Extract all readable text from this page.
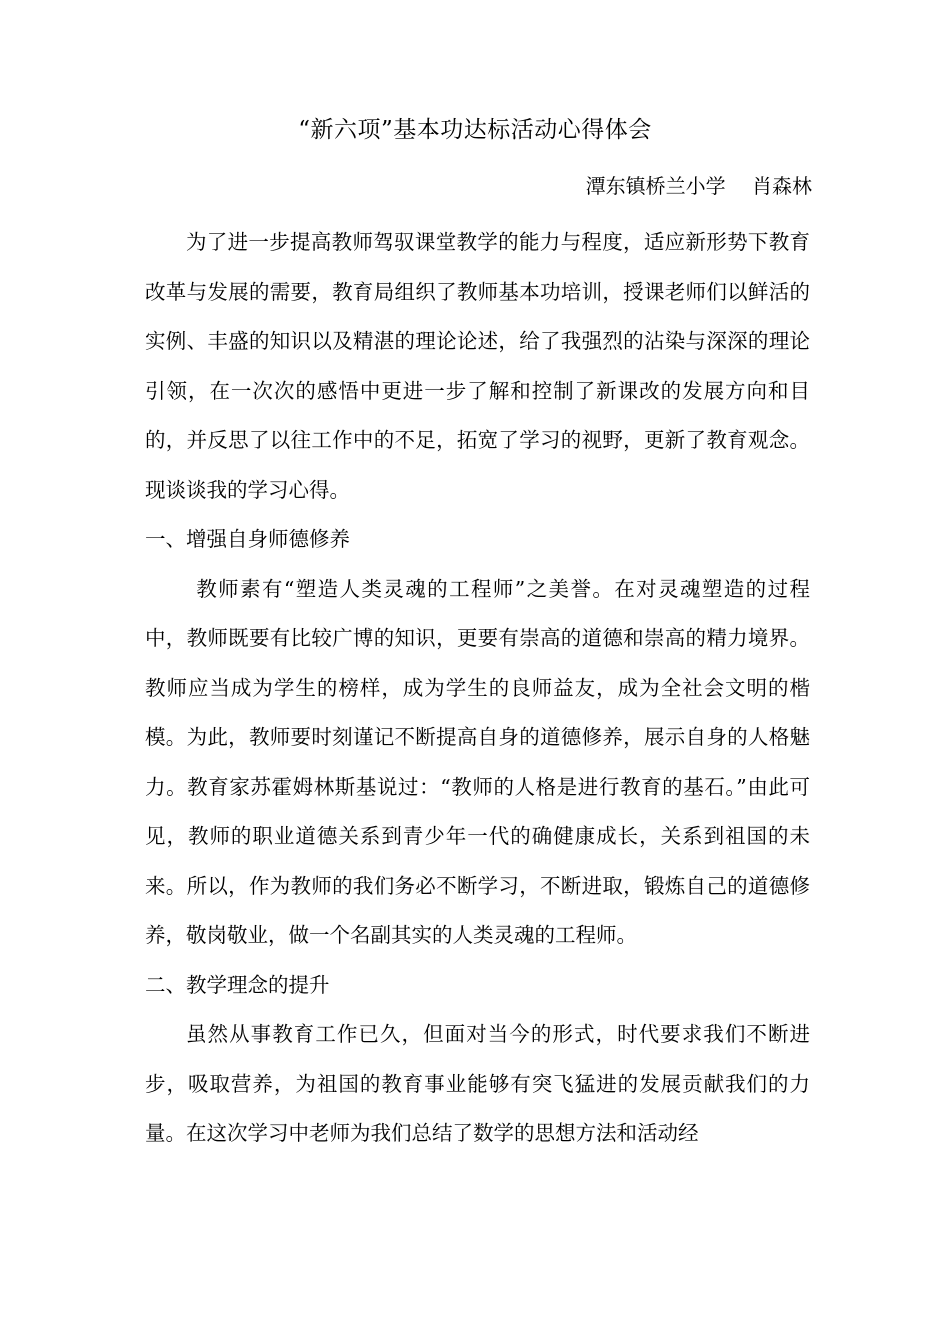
“新六项”基本功达标活动心得体会
潭东镇桥兰小学　 肖森林

为了进一步提高教师驾驭课堂教学的能力与程度，适应新形势下教育改革与发展的需要，教育局组织了教师基本功培训，授课老师们以鲜活的实例、丰盛的知识以及精湛的理论论述，给了我强烈的沾染与深深的理论引领，在一次次的感悟中更进一步了解和控制了新课改的发展方向和目的，并反思了以往工作中的不足，拓宽了学习的视野，更新了教育观念。现谈谈我的学习心得。

一、增强自身师德修养

教师素有“塑造人类灵魂的工程师”之美誉。在对灵魂塑造的过程中，教师既要有比较广博的知识，更要有崇高的道德和崇高的精力境界。教师应当成为学生的榜样，成为学生的良师益友，成为全社会文明的楷模。为此，教师要时刻谨记不断提高自身的道德修养，展示自身的人格魅力。教育家苏霍姆林斯基说过：“教师的人格是进行教育的基石。”由此可见，教师的职业道德关系到青少年一代的确健康成长，关系到祖国的未来。所以，作为教师的我们务必不断学习，不断进取，锻炼自己的道德修养，敬岗敬业，做一个名副其实的人类灵魂的工程师。

二、教学理念的提升

虽然从事教育工作已久，但面对当今的形式，时代要求我们不断进步，吸取营养，为祖国的教育事业能够有突飞猛进的发展贡献我们的力量。在这次学习中老师为我们总结了数学的思想方法和活动经
